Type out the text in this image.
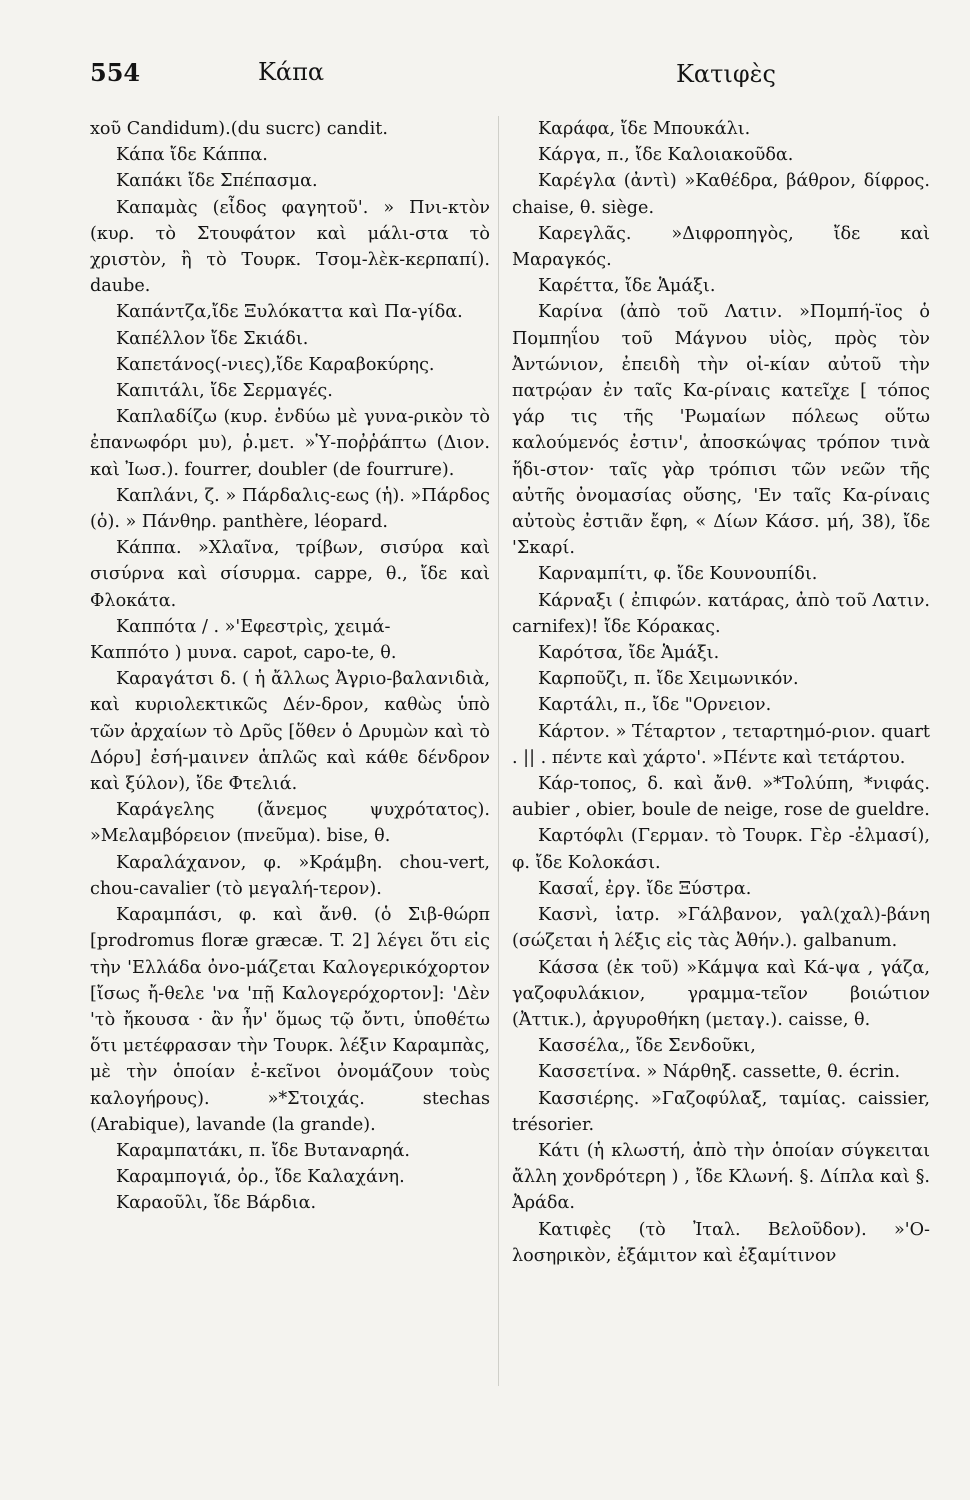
554	Κάπα	Κατιφὲς

xοῦ Candidum).(du sucrc) candit.

Κάπα ἴδε Κάππα.

Καπάκι ἴδε Σπέπασμα.

Καπαμὰς (εἶδος φαγητοῦ'. » Πνι-κτὸν (κυρ. τὸ Στουφάτον καὶ μάλι-στα τὸ χριστὸν, ἢ τὸ Τουρκ. Τσομ-λὲκ-κερπαπί). daube.

Καπάντζα,ἴδε Ξυλόκαττα καὶ Πα-γίδα.

Καπέλλον ἴδε Σκιάδι.

Καπετάνος(-νιες),ἴδε Καραβοκύρης.

Καπιτάλι, ἴδε Σερμαγές.

Καπλαδίζω (κυρ. ἐνδύω μὲ γυνα-ρικὸν τὸ ἐπανωφόρι μυ), ῥ.μετ. »Ὑ-ποῤῥάπτω (Διον. καὶ Ἰωσ.). fourrer, doubler (de fourrure).

Καπλάνι, ζ. » Πάρδαλις-εως (ἡ). »Πάρδος (ὁ). » Πάνθηρ. panthère, léopard.

Κάππα. »Χλαῖνα, τρίβων, σισύρα καὶ σισύρνα καὶ σίσυρμα. cappe, θ., ἴδε καὶ Φλοκάτα.

Καππότα / . »'Εφεστρὶς, χειμά-

Καππότο ) μυνα. capot, capo-te, θ.

Καραγάτσι δ. ( ἡ ἄλλως Ἀγριο-βαλανιδιὰ, καὶ κυριολεκτικῶς Δέν-δρον, καθὼς ὑπὸ τῶν ἀρχαίων τὸ Δρῦς [ὅθεν ὁ Δρυμὼν καὶ τὸ Δόρυ] ἐσή-μαινεν ἁπλῶς καὶ κάθε δένδρον καὶ ξύλον), ἴδε Φτελιά.

Καράγελης (ἄνεμος ψυχρότατος). »Μελαμβόρειον (πνεῦμα). bise, θ.

Καραλάχανον, φ. »Κράμβη. chou-vert, chou-cavalier (τὸ μεγαλή-τερον).

Καραμπάσι, φ. καὶ ἄνθ. (ὁ Σιβ-θώρπ [prodromus floræ græcæ. T. 2] λέγει ὅτι εἰς τὴν 'Ελλάδα ὀνο-μάζεται Καλογερικόχορτον [ἴσως ἤ-θελε 'να 'πῇ Καλογερόχορτον]: 'Δὲν 'τὸ ἤκουσα · ἂν ἦν' ὅμως τῷ ὄντι, ὑποθέτω ὅτι μετέφρασαν τὴν Τουρκ. λέξιν Καραμπὰς, μὲ τὴν ὁποίαν ἐ-κεῖνοι ὀνομάζουν τοὺς καλογήρους). »*Στοιχάς. stechas (Arabique), lavande (la grande).

Καραμπατάκι, π. ἴδε Βυταναρηά.

Καραμπογιά, ὀρ., ἴδε Καλαχάνη.

Καραοῦλι, ἴδε Βάρδια.

Καράφα, ἴδε Μπουκάλι.

Κάργα, π., ἴδε Καλοιακοῦδα.

Καρέγλα (ἀντὶ) »Καθέδρα, βάθρον, δίφρος. chaise, θ. siège.

Καρεγλᾶς. »Διφροπηγὸς, ἴδε καὶ Μαραγκός.

Καρέττα, ἴδε Ἁμάξι.

Καρίνα (ἀπὸ τοῦ Λατιν. »Πομπή-ϊος ὁ Πομπηΐου τοῦ Μάγνου υἱὸς, πρὸς τὸν Ἀντώνιον, ἐπειδὴ τὴν οἰ-κίαν αὐτοῦ τὴν πατρῴαν ἐν ταῖς Κα-ρίναις κατεῖχε [ τόπος γάρ τις τῆς 'Ρωμαίων πόλεως οὕτω καλούμενός ἐστιν', ἀποσκώψας τρόπον τινὰ ἥδι-στον· ταῖς γὰρ τρόπισι τῶν νεῶν τῆς αὐτῆς ὀνομασίας οὔσης, 'Εν ταῖς Κα-ρίναις αὐτοὺς ἐστιᾶν ἔφη, « Δίων Κάσσ. μή, 38), ἴδε 'Σκαρί.

Καρναμπίτι, φ. ἴδε Κουνουπίδι.

Κάρναξι ( ἐπιφών. κατάρας, ἀπὸ τοῦ Λατιν. carnifex)! ἴδε Κόρακας.

Καρότσα, ἴδε Ἁμάξι.

Καρποῦζι, π. ἴδε Χειμωνικόν.

Καρτάλι, π., ἴδε "Ορνειον.

Κάρτον. » Τέταρτον , τεταρτημό-ριον. quart . || . πέντε καὶ χάρτο'. »Πέντε καὶ τετάρτου.

Κάρ-τοπος, δ. καὶ ἄνθ. »*Τολύπη, *νιφάς. aubier , obier, boule de neige, rose de gueldre.

Καρτόφλι (Γερμαν. τὸ Τουρκ. Γὲρ -ἐλμασί), φ. ἴδε Κολοκάσι.

Κασαΐ, ἐργ. ἴδε Ξύστρα.

Κασνὶ, ἰατρ. »Γάλβανον, γαλ(χαλ)-βάνη (σώζεται ἡ λέξις εἰς τὰς Ἀθήν.). galbanum.

Κάσσα (ἐκ τοῦ) »Κάμψα καὶ Κά-ψα , γάζα, γαζοφυλάκιον, γραμμα-τεῖον βοιώτιον (Ἀττικ.), ἀργυροθήκη (μεταγ.). caisse, θ.

Κασσέλα,, ἴδε Σενδοῦκι,

Κασσετίνα. » Νάρθηξ. cassette, θ. écrin.

Κασσιέρης. »Γαζοφύλαξ, ταμίας. caissier, trésorier.

Κάτι (ἡ κλωστή, ἀπὸ τὴν ὁποίαν σύγκειται ἄλλη χονδρότερη ) , ἴδε Κλωνή. §. Δίπλα καὶ §. Ἀράδα.

Κατιφὲς (τὸ Ἰταλ. Βελοῦδον). »'Ο-λοσηρικὸν, ἐξάμιτον καὶ ἐξαμίτινον
